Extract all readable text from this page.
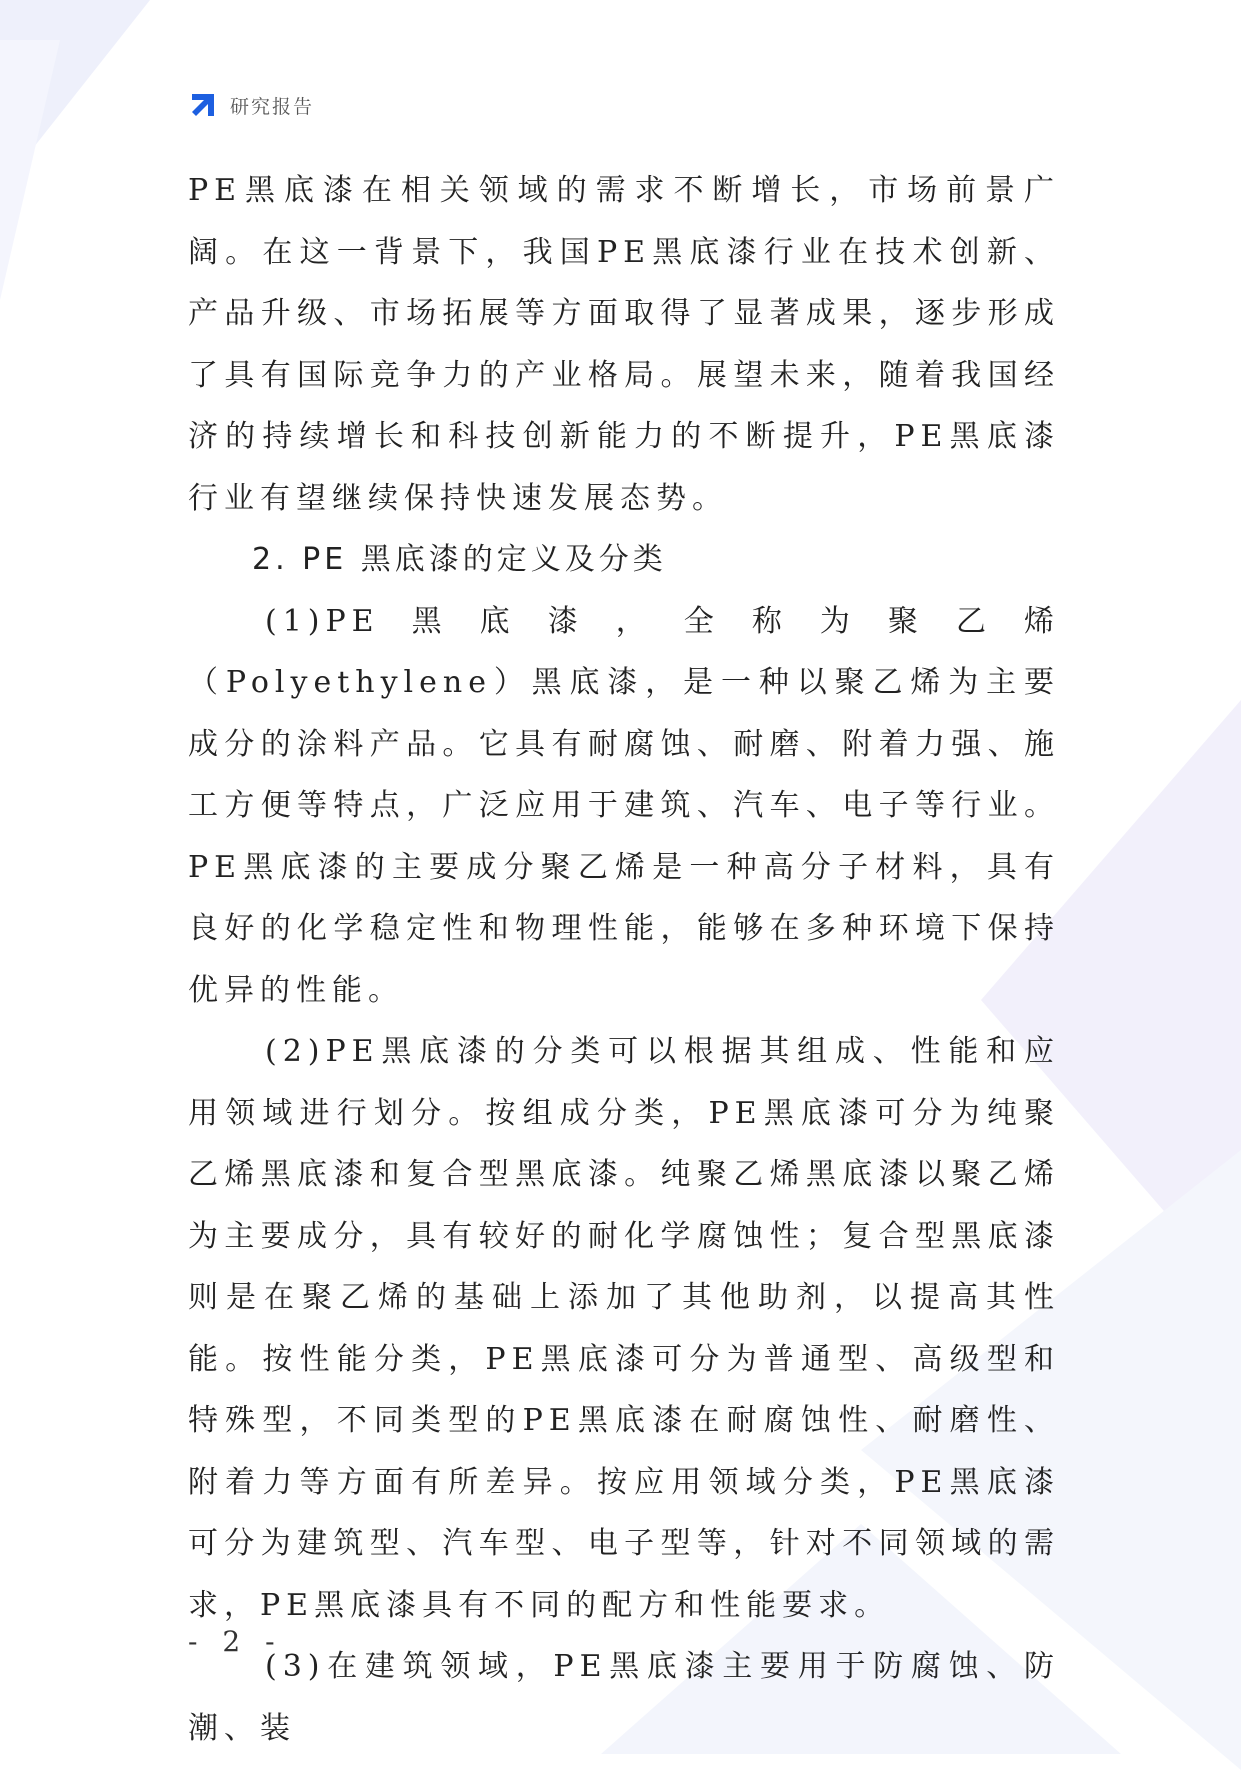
研究报告

PE黑底漆在相关领域的需求不断增长，市场前景广阔。在这一背景下，我国PE黑底漆行业在技术创新、产品升级、市场拓展等方面取得了显著成果，逐步形成了具有国际竞争力的产业格局。展望未来，随着我国经济的持续增长和科技创新能力的不断提升，PE黑底漆行业有望继续保持快速发展态势。

2. PE 黑底漆的定义及分类

(1)PE黑底漆，全称为聚乙烯（Polyethylene）黑底漆，是一种以聚乙烯为主要成分的涂料产品。它具有耐腐蚀、耐磨、附着力强、施工方便等特点，广泛应用于建筑、汽车、电子等行业。PE黑底漆的主要成分聚乙烯是一种高分子材料，具有良好的化学稳定性和物理性能，能够在多种环境下保持优异的性能。

(2)PE黑底漆的分类可以根据其组成、性能和应用领域进行划分。按组成分类，PE黑底漆可分为纯聚乙烯黑底漆和复合型黑底漆。纯聚乙烯黑底漆以聚乙烯为主要成分，具有较好的耐化学腐蚀性；复合型黑底漆则是在聚乙烯的基础上添加了其他助剂，以提高其性能。按性能分类，PE黑底漆可分为普通型、高级型和特殊型，不同类型的PE黑底漆在耐腐蚀性、耐磨性、附着力等方面有所差异。按应用领域分类，PE黑底漆可分为建筑型、汽车型、电子型等，针对不同领域的需求，PE黑底漆具有不同的配方和性能要求。

(3)在建筑领域，PE黑底漆主要用于防腐蚀、防潮、装

- 2 -
